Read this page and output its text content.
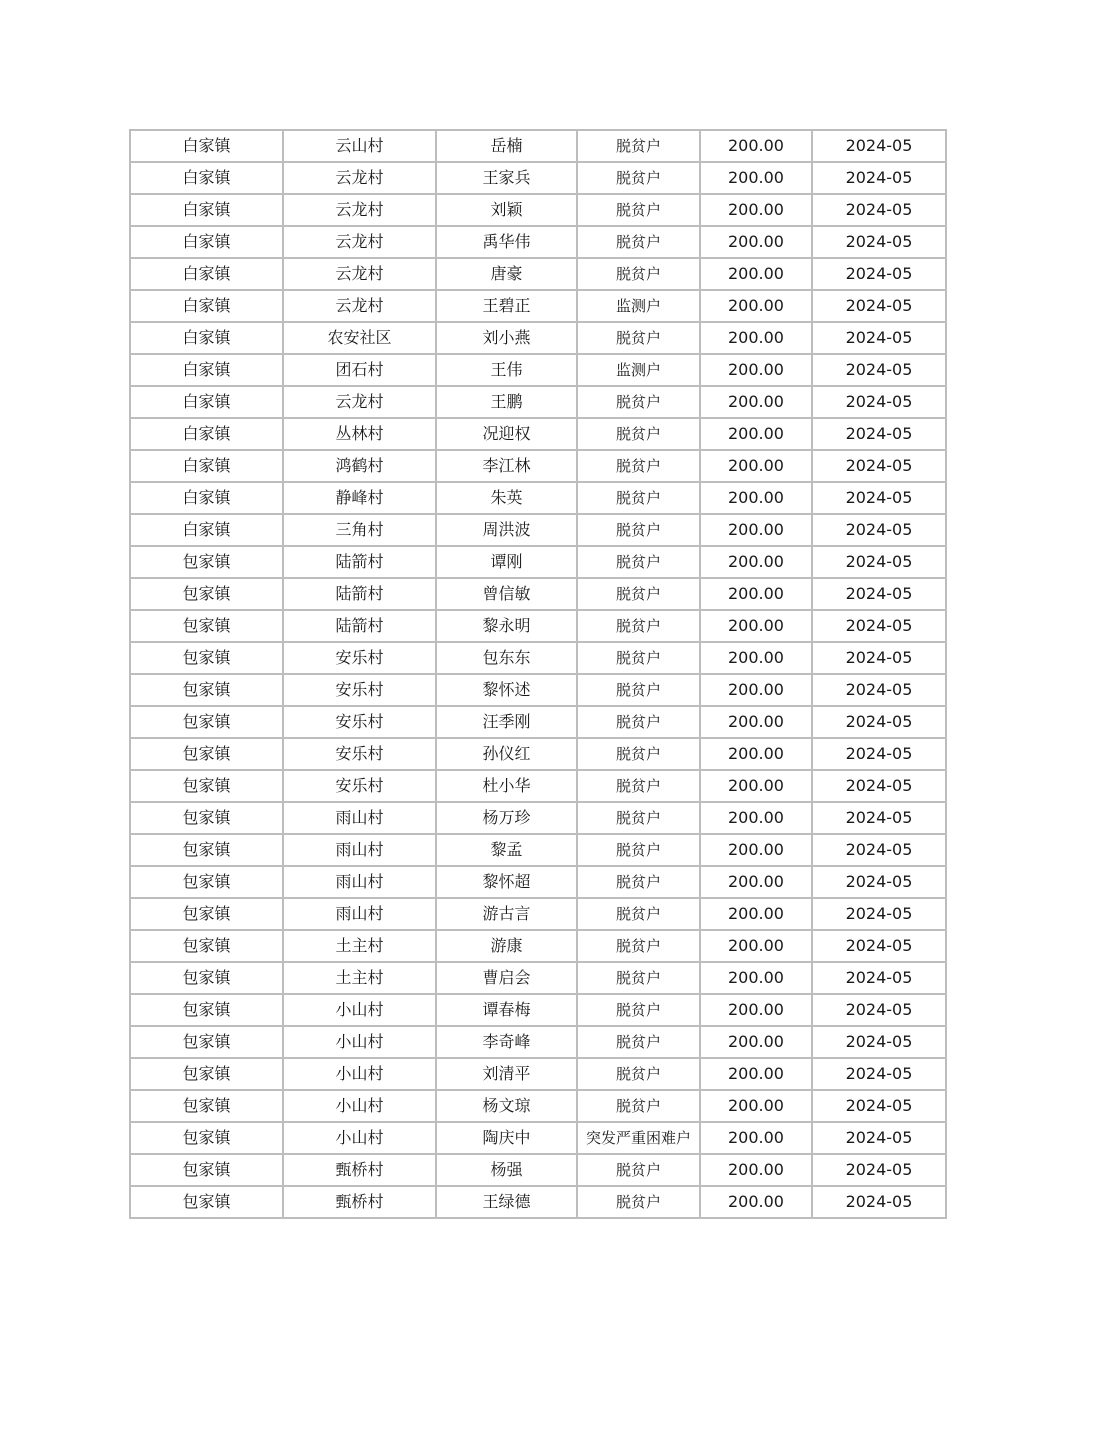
白家镇	云山村	岳楠	脱贫户	200.00	2024-05
白家镇	云龙村	王家兵	脱贫户	200.00	2024-05
白家镇	云龙村	刘颖	脱贫户	200.00	2024-05
白家镇	云龙村	禹华伟	脱贫户	200.00	2024-05
白家镇	云龙村	唐豪	脱贫户	200.00	2024-05
白家镇	云龙村	王碧正	监测户	200.00	2024-05
白家镇	农安社区	刘小燕	脱贫户	200.00	2024-05
白家镇	团石村	王伟	监测户	200.00	2024-05
白家镇	云龙村	王鹏	脱贫户	200.00	2024-05
白家镇	丛林村	况迎权	脱贫户	200.00	2024-05
白家镇	鸿鹤村	李江林	脱贫户	200.00	2024-05
白家镇	静峰村	朱英	脱贫户	200.00	2024-05
白家镇	三角村	周洪波	脱贫户	200.00	2024-05
包家镇	陆箭村	谭刚	脱贫户	200.00	2024-05
包家镇	陆箭村	曾信敏	脱贫户	200.00	2024-05
包家镇	陆箭村	黎永明	脱贫户	200.00	2024-05
包家镇	安乐村	包东东	脱贫户	200.00	2024-05
包家镇	安乐村	黎怀述	脱贫户	200.00	2024-05
包家镇	安乐村	汪季刚	脱贫户	200.00	2024-05
包家镇	安乐村	孙仪红	脱贫户	200.00	2024-05
包家镇	安乐村	杜小华	脱贫户	200.00	2024-05
包家镇	雨山村	杨万珍	脱贫户	200.00	2024-05
包家镇	雨山村	黎孟	脱贫户	200.00	2024-05
包家镇	雨山村	黎怀超	脱贫户	200.00	2024-05
包家镇	雨山村	游古言	脱贫户	200.00	2024-05
包家镇	土主村	游康	脱贫户	200.00	2024-05
包家镇	土主村	曹启会	脱贫户	200.00	2024-05
包家镇	小山村	谭春梅	脱贫户	200.00	2024-05
包家镇	小山村	李奇峰	脱贫户	200.00	2024-05
包家镇	小山村	刘清平	脱贫户	200.00	2024-05
包家镇	小山村	杨文琼	脱贫户	200.00	2024-05
包家镇	小山村	陶庆中	突发严重困难户	200.00	2024-05
包家镇	甄桥村	杨强	脱贫户	200.00	2024-05
包家镇	甄桥村	王绿德	脱贫户	200.00	2024-05
